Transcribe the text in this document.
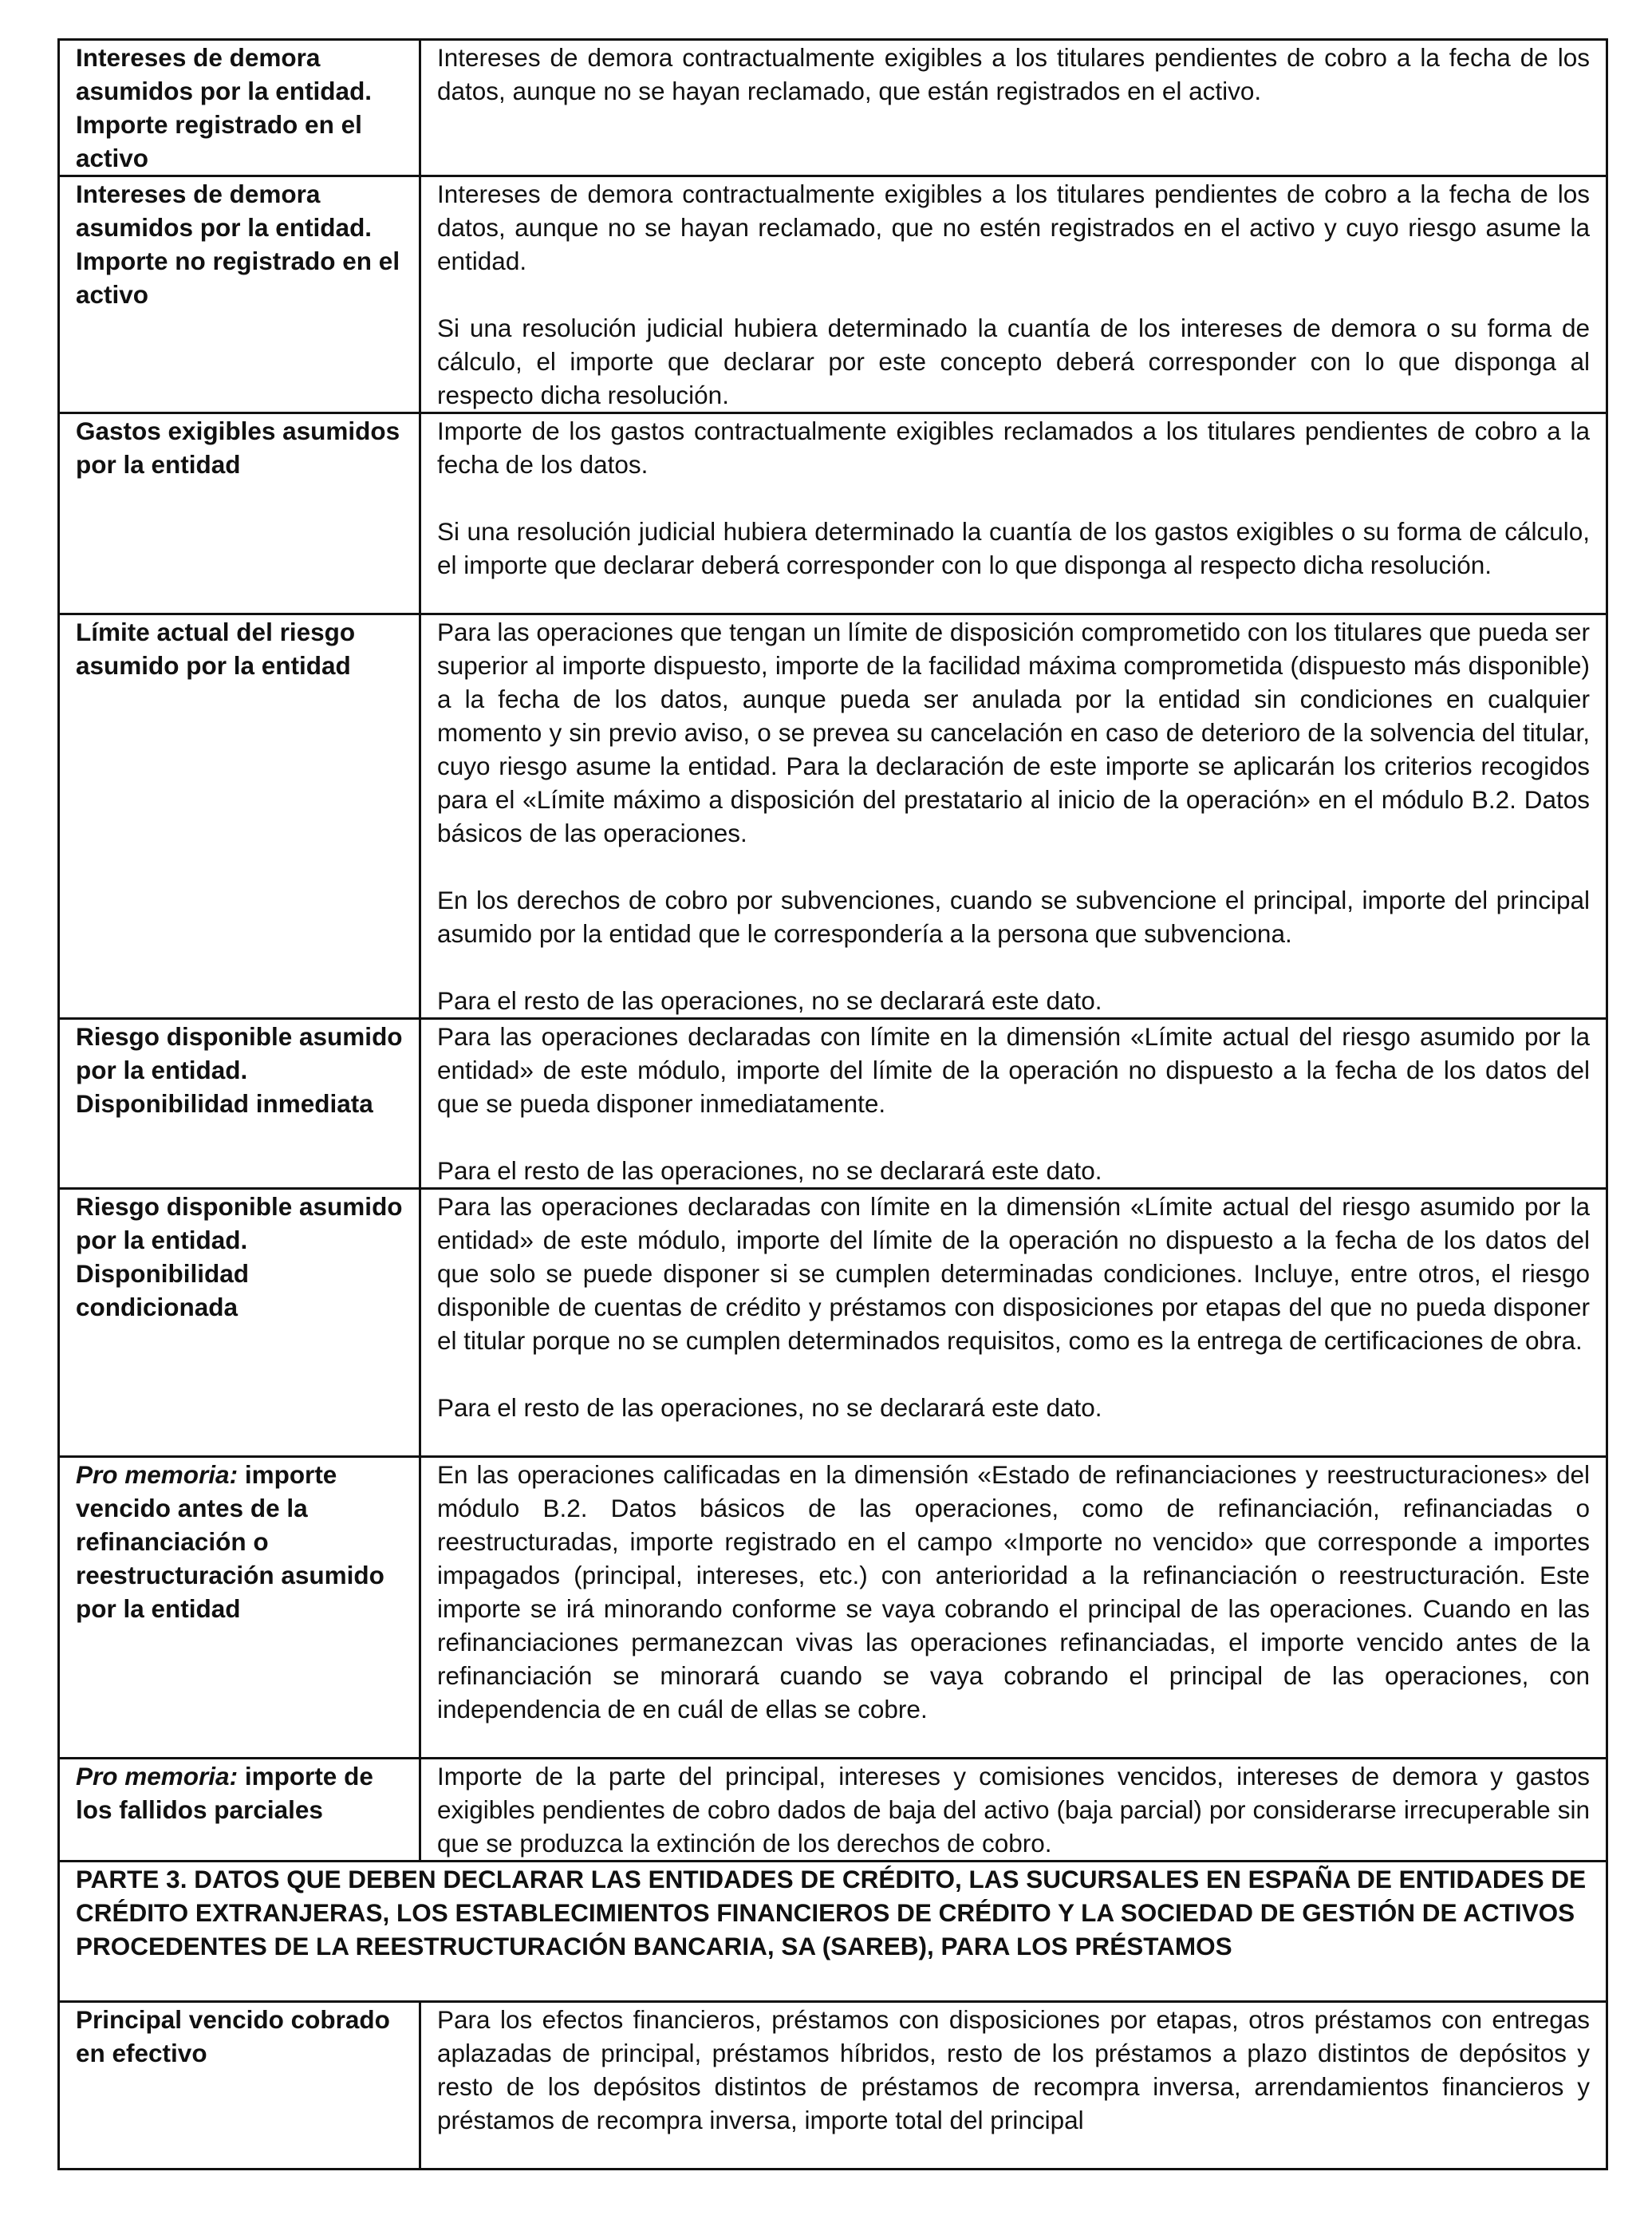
Intereses de demora asumidos por la entidad. Importe registrado en el activo	Intereses de demora contractualmente exigibles a los titulares pendientes de cobro a la fecha de los datos, aunque no se hayan reclamado, que están registrados en el activo.

Intereses de demora asumidos por la entidad. Importe no registrado en el activo	Intereses de demora contractualmente exigibles a los titulares pendientes de cobro a la fecha de los datos, aunque no se hayan reclamado, que no estén registrados en el activo y cuyo riesgo asume la entidad.

Si una resolución judicial hubiera determinado la cuantía de los intereses de demora o su forma de cálculo, el importe que declarar por este concepto deberá corresponder con lo que disponga al respecto dicha resolución.

Gastos exigibles asumidos por la entidad	Importe de los gastos contractualmente exigibles reclamados a los titulares pendientes de cobro a la fecha de los datos.

Si una resolución judicial hubiera determinado la cuantía de los gastos exigibles o su forma de cálculo, el importe que declarar deberá corresponder con lo que disponga al respecto dicha resolución.

Límite actual del riesgo asumido por la entidad	Para las operaciones que tengan un límite de disposición comprometido con los titulares que pueda ser superior al importe dispuesto, importe de la facilidad máxima comprometida (dispuesto más disponible) a la fecha de los datos, aunque pueda ser anulada por la entidad sin condiciones en cualquier momento y sin previo aviso, o se prevea su cancelación en caso de deterioro de la solvencia del titular, cuyo riesgo asume la entidad. Para la declaración de este importe se aplicarán los criterios recogidos para el «Límite máximo a disposición del prestatario al inicio de la operación» en el módulo B.2. Datos básicos de las operaciones.

En los derechos de cobro por subvenciones, cuando se subvencione el principal, importe del principal asumido por la entidad que le correspondería a la persona que subvenciona.

Para el resto de las operaciones, no se declarará este dato.

Riesgo disponible asumido por la entidad. Disponibilidad inmediata	Para las operaciones declaradas con límite en la dimensión «Límite actual del riesgo asumido por la entidad» de este módulo, importe del límite de la operación no dispuesto a la fecha de los datos del que se pueda disponer inmediatamente.

Para el resto de las operaciones, no se declarará este dato.

Riesgo disponible asumido por la entidad. Disponibilidad condicionada	Para las operaciones declaradas con límite en la dimensión «Límite actual del riesgo asumido por la entidad» de este módulo, importe del límite de la operación no dispuesto a la fecha de los datos del que solo se puede disponer si se cumplen determinadas condiciones. Incluye, entre otros, el riesgo disponible de cuentas de crédito y préstamos con disposiciones por etapas del que no pueda disponer el titular porque no se cumplen determinados requisitos, como es la entrega de certificaciones de obra.

Para el resto de las operaciones, no se declarará este dato.

Pro memoria: importe vencido antes de la refinanciación o reestructuración asumido por la entidad	En las operaciones calificadas en la dimensión «Estado de refinanciaciones y reestructuraciones» del módulo B.2. Datos básicos de las operaciones, como de refinanciación, refinanciadas o reestructuradas, importe registrado en el campo «Importe no vencido» que corresponde a importes impagados (principal, intereses, etc.) con anterioridad a la refinanciación o reestructuración. Este importe se irá minorando conforme se vaya cobrando el principal de las operaciones. Cuando en las refinanciaciones permanezcan vivas las operaciones refinanciadas, el importe vencido antes de la refinanciación se minorará cuando se vaya cobrando el principal de las operaciones, con independencia de en cuál de ellas se cobre.

Pro memoria: importe de los fallidos parciales	Importe de la parte del principal, intereses y comisiones vencidos, intereses de demora y gastos exigibles pendientes de cobro dados de baja del activo (baja parcial) por considerarse irrecuperable sin que se produzca la extinción de los derechos de cobro.

PARTE 3. DATOS QUE DEBEN DECLARAR LAS ENTIDADES DE CRÉDITO, LAS SUCURSALES EN ESPAÑA DE ENTIDADES DE CRÉDITO EXTRANJERAS, LOS ESTABLECIMIENTOS FINANCIEROS DE CRÉDITO Y LA SOCIEDAD DE GESTIÓN DE ACTIVOS PROCEDENTES DE LA REESTRUCTURACIÓN BANCARIA, SA (SAREB), PARA LOS PRÉSTAMOS	
Principal vencido cobrado en efectivo	Para los efectos financieros, préstamos con disposiciones por etapas, otros préstamos con entregas aplazadas de principal, préstamos híbridos, resto de los préstamos a plazo distintos de depósitos y resto de los depósitos distintos de préstamos de recompra inversa, arrendamientos financieros y préstamos de recompra inversa, importe total del principal
